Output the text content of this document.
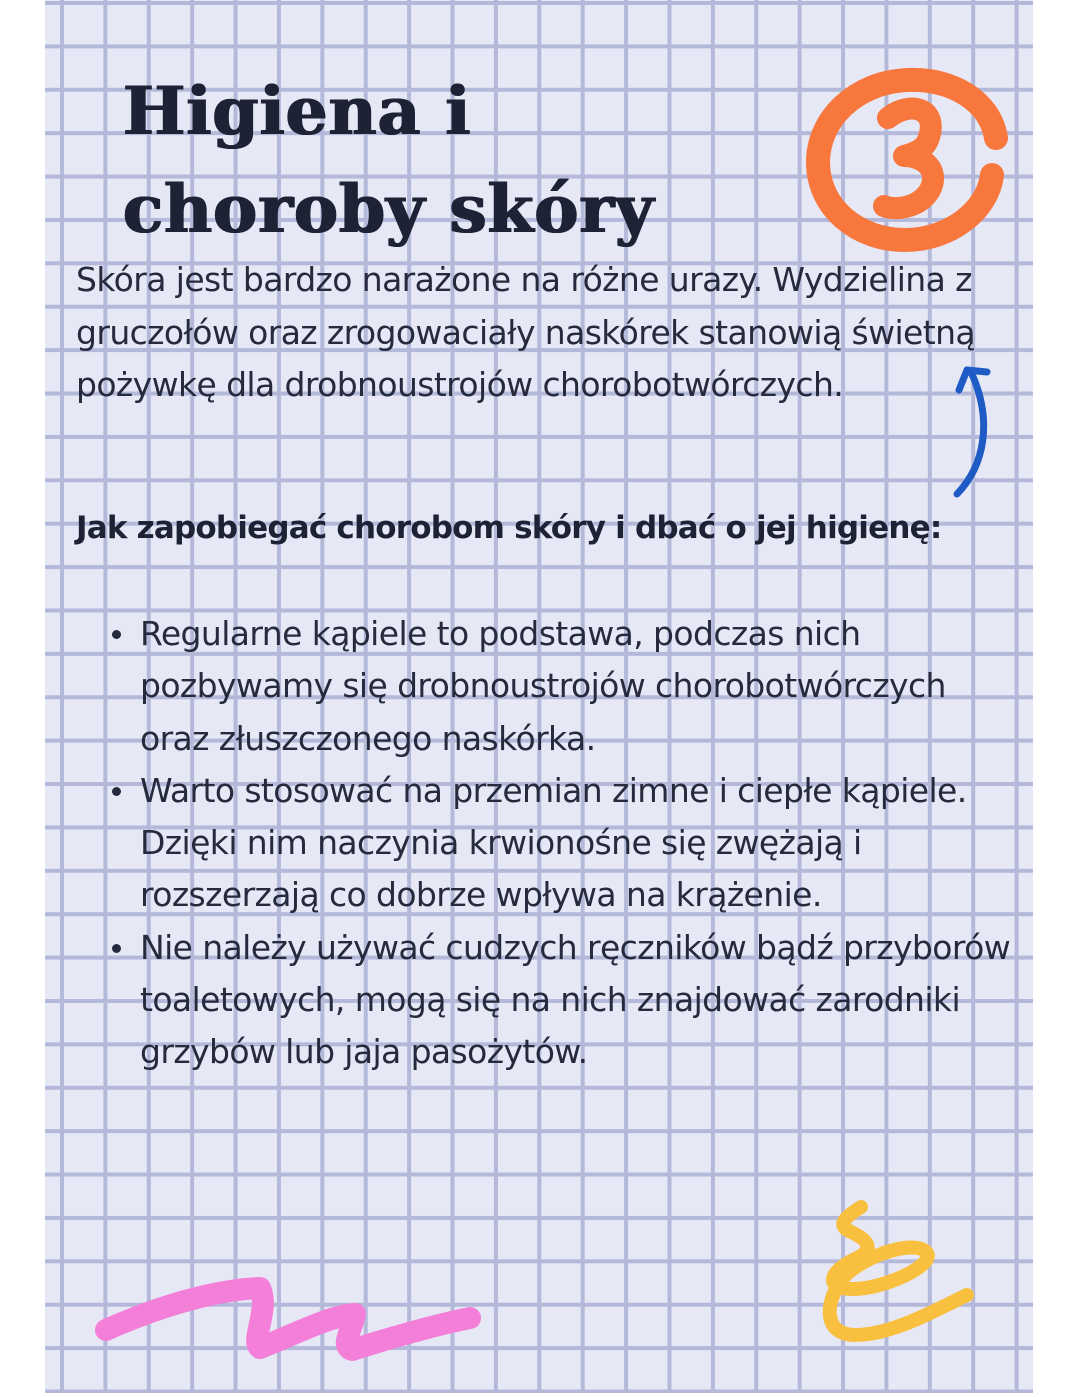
Higiena i
choroby skóry

Skóra jest bardzo narażone na różne urazy. Wydzielina z gruczołów oraz zrogowaciały naskórek stanowią świetną pożywkę dla drobnoustrojów chorobotwórczych.

Jak zapobiegać chorobom skóry i dbać o jej higienę:
Regularne kąpiele to podstawa, podczas nich pozbywamy się drobnoustrojów chorobotwórczych oraz złuszczonego naskórka.
Warto stosować na przemian zimne i ciepłe kąpiele. Dzięki nim naczynia krwionośne się zwężają i rozszerzają co dobrze wpływa na krążenie.
Nie należy używać cudzych ręczników bądź przyborów toaletowych, mogą się na nich znajdować zarodniki grzybów lub jaja pasożytów.
